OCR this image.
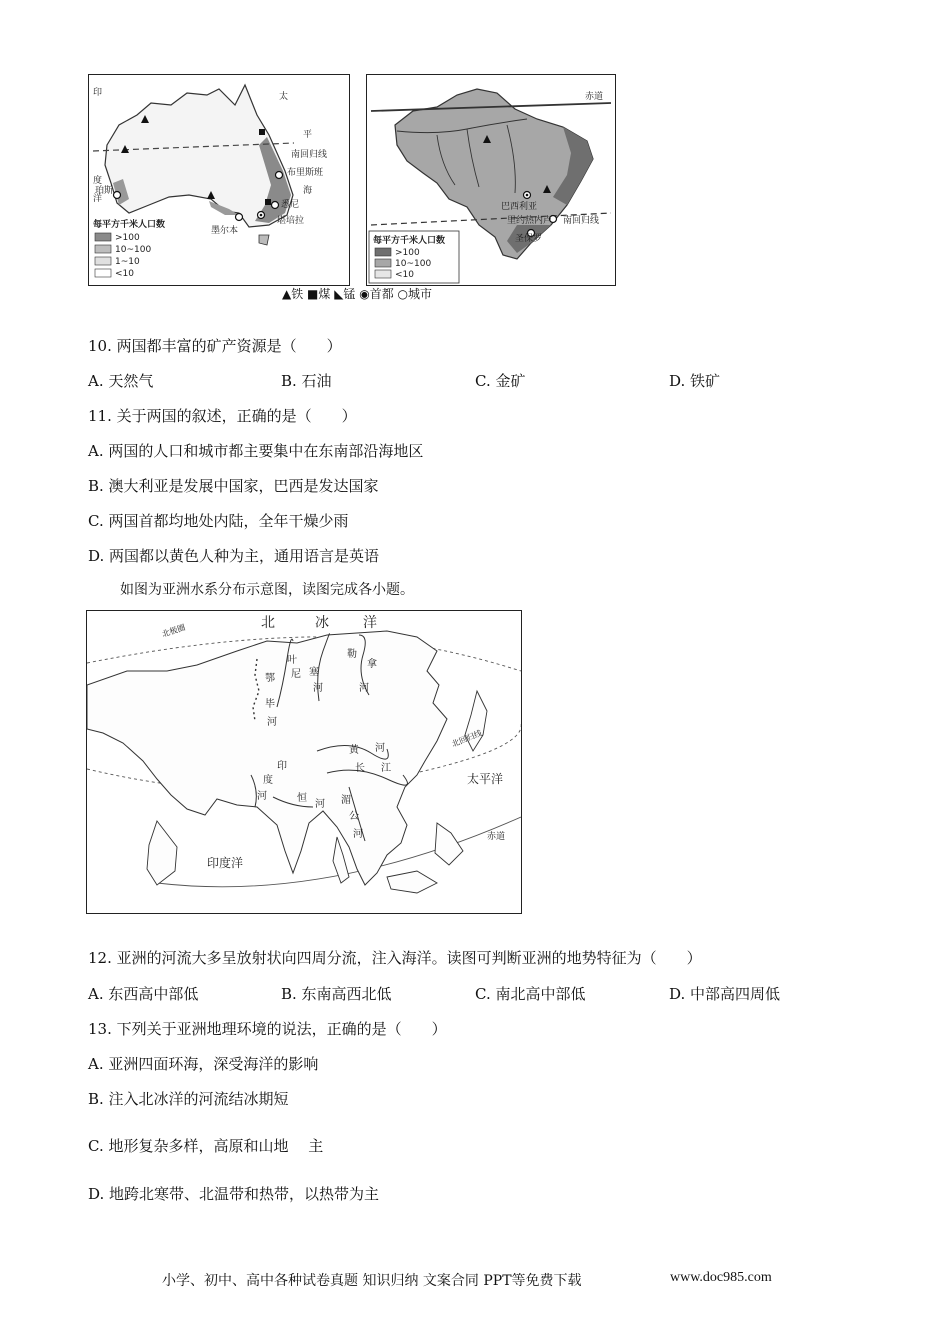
太
平
南回归线
布里斯班
印
度
洋
悉尼
堪培拉
墨尔本
海
珀斯
每平方千米人口数
>100
10~100
1~10
<10
赤道
南回归线
巴西利亚
里约热内卢
圣保罗
每平方千米人口数
>100
10~100
<10
▲铁 ■煤 ◣锰 ◉首都 ○城市
10. 两国都丰富的矿产资源是（　　）
A. 天然气	B. 石油	C. 金矿	D. 铁矿
11. 关于两国的叙述，正确的是（　　）
A. 两国的人口和城市都主要集中在东南部沿海地区
B. 澳大利亚是发展中国家，巴西是发达国家
C. 两国首都均地处内陆，全年干燥少雨
D. 两国都以黄色人种为主，通用语言是英语
如图为亚洲水系分布示意图，读图完成各小题。
北	冰 洋
北极圈
叶
尼 塞
河
勒
拿
河
鄂
毕
河
黄 河
长 江
北回归线
太平洋
印
度
河	恒
河 湄
公
河	赤道
印度洋
12. 亚洲的河流大多呈放射状向四周分流，注入海洋。读图可判断亚洲的地势特征为（　　）
A. 东西高中部低	B. 东南高西北低	C. 南北高中部低	D. 中部高四周低
13. 下列关于亚洲地理环境的说法，正确的是（　　）
A. 亚洲四面环海，深受海洋的影响
B. 注入北冰洋的河流结冰期短
C. 地形复杂多样，高原和山地　 主
D. 地跨北寒带、北温带和热带，以热带为主
小学、初中、高中各种试卷真题 知识归纳 文案合同 PPT等免费下载	www.doc985.com
